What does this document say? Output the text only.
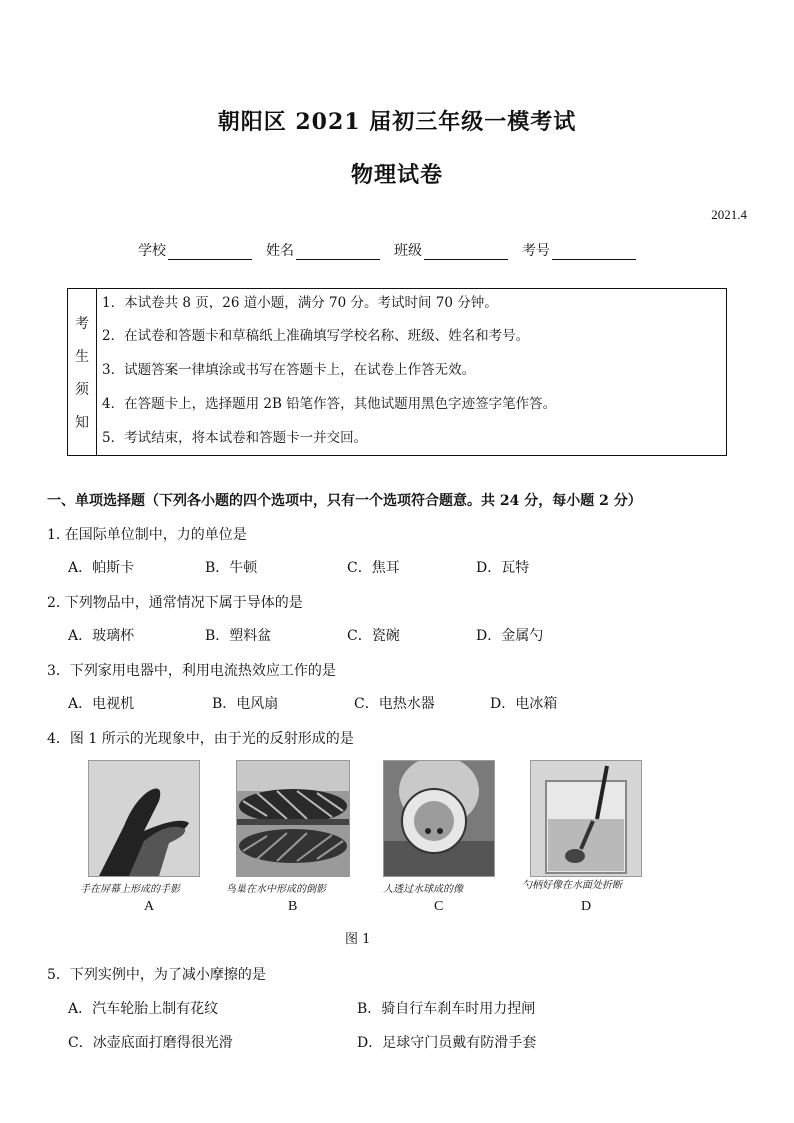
朝阳区 2021 届初三年级一模考试
物理试卷
2021.4
学校	姓名	班级	考号
考
生
须
知
1．本试卷共 8 页，26 道小题，满分 70 分。考试时间 70 分钟。
2．在试卷和答题卡和草稿纸上准确填写学校名称、班级、姓名和考号。
3．试题答案一律填涂或书写在答题卡上，在试卷上作答无效。
4．在答题卡上，选择题用 2B 铅笔作答，其他试题用黑色字迹签字笔作答。
5．考试结束，将本试卷和答题卡一并交回。
一、单项选择题（下列各小题的四个选项中，只有一个选项符合题意。共 24 分，每小题 2 分）
1. 在国际单位制中，力的单位是
A．帕斯卡	B．牛顿	C．焦耳	D．瓦特
2. 下列物品中，通常情况下属于导体的是
A．玻璃杯	B．塑料盆	C．瓷碗	D．金属勺
3．下列家用电器中，利用电流热效应工作的是
A．电视机	B．电风扇	C．电热水器	D．电冰箱
4．图 1 所示的光现象中，由于光的反射形成的是
手在屏幕上形成的手影	鸟巢在水中形成的倒影	人透过水球成的像	勺柄好像在水面处折断
A	B	C	D
图 1
5．下列实例中，为了减小摩擦的是
A．汽车轮胎上制有花纹	B．骑自行车刹车时用力捏闸
C．冰壶底面打磨得很光滑	D．足球守门员戴有防滑手套
